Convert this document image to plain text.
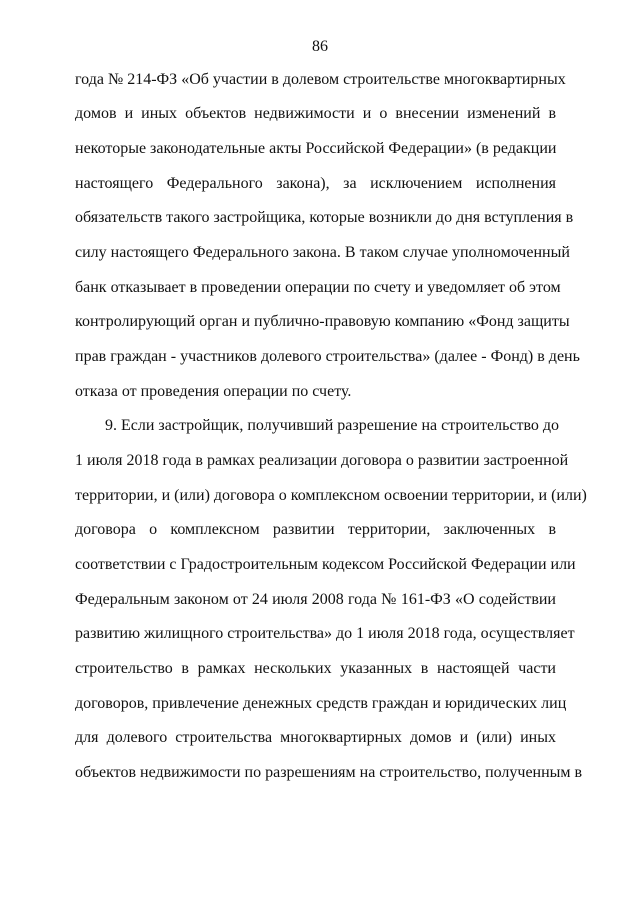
86
года № 214-ФЗ «Об участии в долевом строительстве многоквартирных
домов и иных объектов недвижимости и о внесении изменений в
некоторые законодательные акты Российской Федерации» (в редакции
настоящего Федерального закона), за исключением исполнения
обязательств такого застройщика, которые возникли до дня вступления в
силу настоящего Федерального закона. В таком случае уполномоченный
банк отказывает в проведении операции по счету и уведомляет об этом
контролирующий орган и публично-правовую компанию «Фонд защиты
прав граждан - участников долевого строительства» (далее - Фонд) в день
отказа от проведения операции по счету.
9. Если застройщик, получивший разрешение на строительство до
1 июля 2018 года в рамках реализации договора о развитии застроенной
территории, и (или) договора о комплексном освоении территории, и (или)
договора о комплексном развитии территории, заключенных в
соответствии с Градостроительным кодексом Российской Федерации или
Федеральным законом от 24 июля 2008 года № 161-ФЗ «О содействии
развитию жилищного строительства» до 1 июля 2018 года, осуществляет
строительство в рамках нескольких указанных в настоящей части
договоров, привлечение денежных средств граждан и юридических лиц
для долевого строительства многоквартирных домов и (или) иных
объектов недвижимости по разрешениям на строительство, полученным в
